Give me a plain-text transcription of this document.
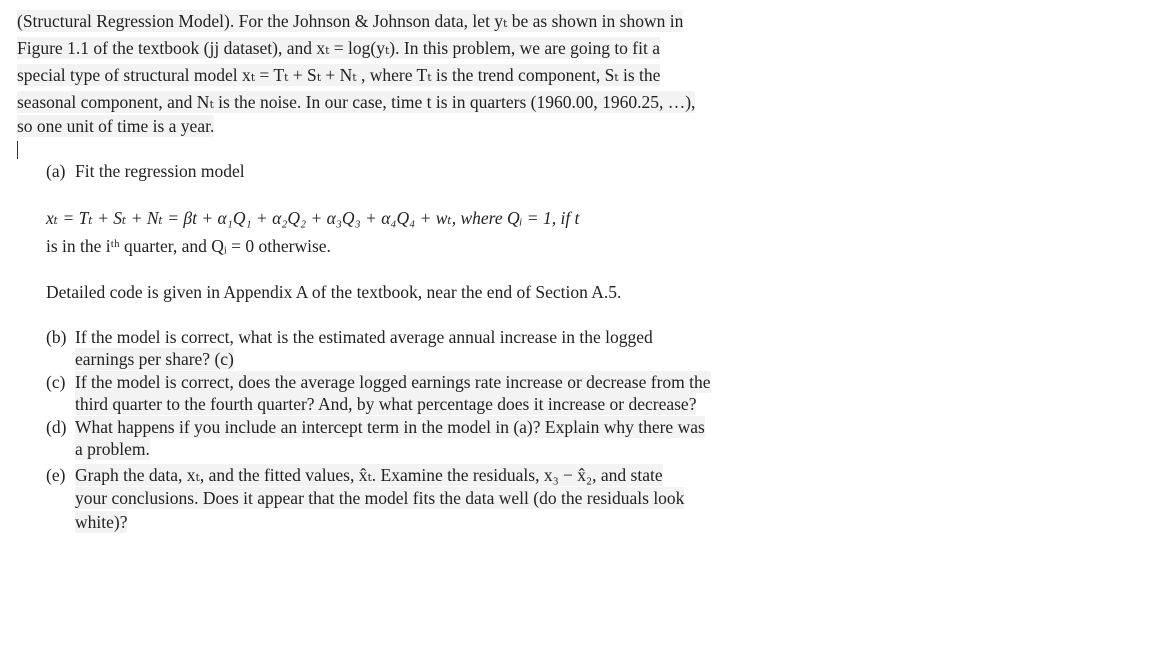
(Structural Regression Model). For the Johnson & Johnson data, let yₜ be as shown in shown in
Figure 1.1 of the textbook (jj dataset), and xₜ = log(yₜ). In this problem, we are going to fit a
special type of structural model xₜ = Tₜ + Sₜ + Nₜ , where Tₜ is the trend component, Sₜ is the
seasonal component, and Nₜ is the noise. In our case, time t is in quarters (1960.00, 1960.25, …),
so one unit of time is a year.
(a) Fit the regression model
xₜ = Tₜ + Sₜ + Nₜ = βt + α₁Q₁ + α₂Q₂ + α₃Q₃ + α₄Q₄ + wₜ, where Qᵢ = 1, if t
is in the iᵗʰ quarter, and Qᵢ = 0 otherwise.
Detailed code is given in Appendix A of the textbook, near the end of Section A.5.
(b) If the model is correct, what is the estimated average annual increase in the logged
earnings per share? (c)
(c) If the model is correct, does the average logged earnings rate increase or decrease from the
third quarter to the fourth quarter? And, by what percentage does it increase or decrease?
(d) What happens if you include an intercept term in the model in (a)? Explain why there was
a problem.
(e) Graph the data, xₜ, and the fitted values, x̂ₜ. Examine the residuals, x₃ − x̂₂, and state
your conclusions. Does it appear that the model fits the data well (do the residuals look
white)?
